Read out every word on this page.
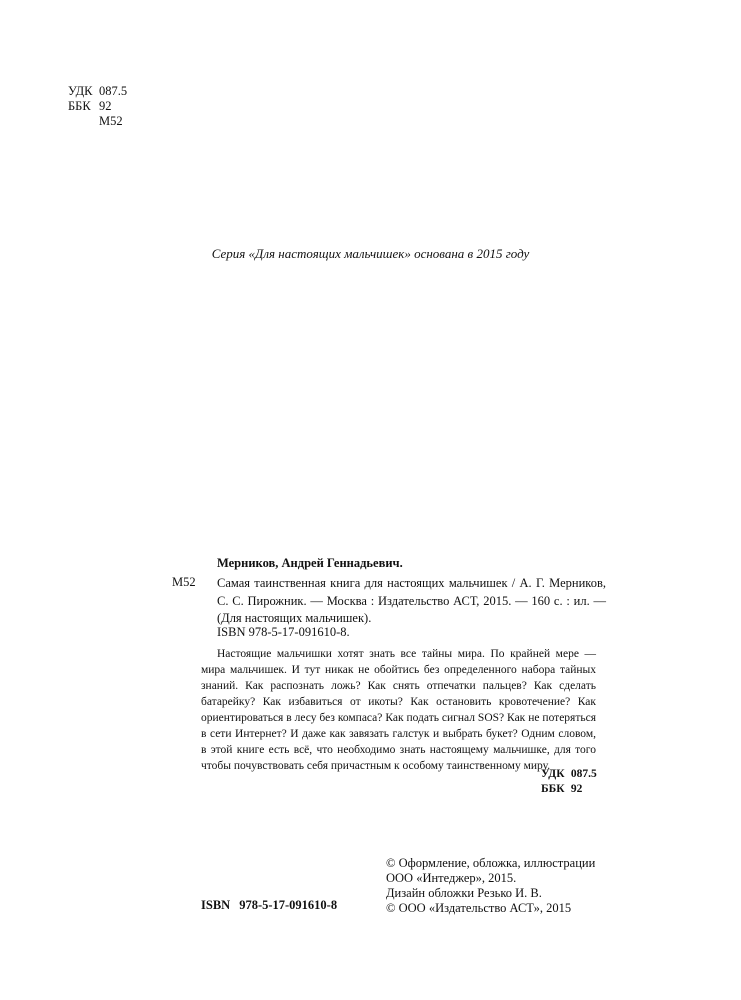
УДК 087.5
ББК 92
М52
Серия «Для настоящих мальчишек» основана в 2015 году
Мерников, Андрей Геннадьевич.
М52 Самая таинственная книга для настоящих мальчишек / А. Г. Мерников, С. С. Пирожник. — Москва : Издательство АСТ, 2015. — 160 с. : ил. — (Для настоящих мальчишек).
ISBN 978-5-17-091610-8.
Настоящие мальчишки хотят знать все тайны мира. По крайней мере — мира мальчишек. И тут никак не обойтись без определенного набора тайных знаний. Как распознать ложь? Как снять отпечатки пальцев? Как сделать батарейку? Как избавиться от икоты? Как остановить кровотечение? Как ориентироваться в лесу без компаса? Как подать сигнал SOS? Как не потеряться в сети Интернет? И даже как завязать галстук и выбрать букет? Одним словом, в этой книге есть всё, что необходимо знать настоящему мальчишке, для того чтобы почувствовать себя причастным к особому таинственному миру.
УДК 087.5
ББК 92
© Оформление, обложка, иллюстрации
ООО «Интеджер», 2015.
Дизайн обложки Резько И. В.
© ООО «Издательство АСТ», 2015
ISBN 978-5-17-091610-8
